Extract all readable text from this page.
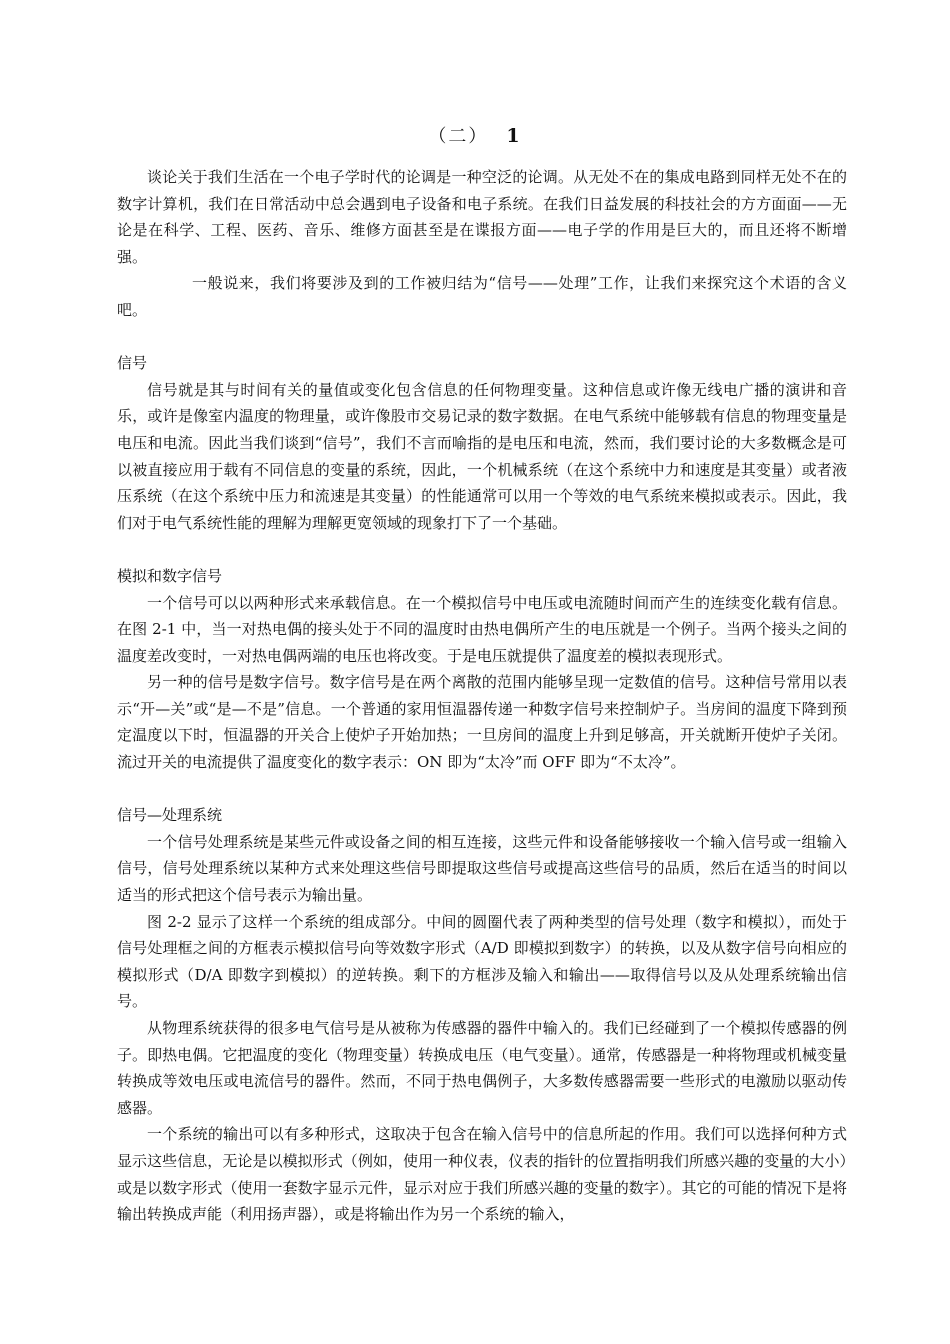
（二） 1

谈论关于我们生活在一个电子学时代的论调是一种空泛的论调。从无处不在的集成电路到同样无处不在的数字计算机，我们在日常活动中总会遇到电子设备和电子系统。在我们日益发展的科技社会的方方面面——无论是在科学、工程、医药、音乐、维修方面甚至是在谍报方面——电子学的作用是巨大的，而且还将不断增强。

一般说来，我们将要涉及到的工作被归结为“信号——处理”工作，让我们来探究这个术语的含义吧。

信号

信号就是其与时间有关的量值或变化包含信息的任何物理变量。这种信息或许像无线电广播的演讲和音乐，或许是像室内温度的物理量，或许像股市交易记录的数字数据。在电气系统中能够载有信息的物理变量是电压和电流。因此当我们谈到“信号”，我们不言而喻指的是电压和电流，然而，我们要讨论的大多数概念是可以被直接应用于载有不同信息的变量的系统，因此，一个机械系统（在这个系统中力和速度是其变量）或者液压系统（在这个系统中压力和流速是其变量）的性能通常可以用一个等效的电气系统来模拟或表示。因此，我们对于电气系统性能的理解为理解更宽领域的现象打下了一个基础。

模拟和数字信号

一个信号可以以两种形式来承载信息。在一个模拟信号中电压或电流随时间而产生的连续变化载有信息。在图 2-1 中，当一对热电偶的接头处于不同的温度时由热电偶所产生的电压就是一个例子。当两个接头之间的温度差改变时，一对热电偶两端的电压也将改变。于是电压就提供了温度差的模拟表现形式。

另一种的信号是数字信号。数字信号是在两个离散的范围内能够呈现一定数值的信号。这种信号常用以表示“开—关”或“是—不是”信息。一个普通的家用恒温器传递一种数字信号来控制炉子。当房间的温度下降到预定温度以下时，恒温器的开关合上使炉子开始加热；一旦房间的温度上升到足够高，开关就断开使炉子关闭。流过开关的电流提供了温度变化的数字表示：ON 即为“太冷”而 OFF 即为“不太冷”。

信号—处理系统

一个信号处理系统是某些元件或设备之间的相互连接，这些元件和设备能够接收一个输入信号或一组输入信号，信号处理系统以某种方式来处理这些信号即提取这些信号或提高这些信号的品质，然后在适当的时间以适当的形式把这个信号表示为输出量。

图 2-2 显示了这样一个系统的组成部分。中间的圆圈代表了两种类型的信号处理（数字和模拟），而处于信号处理框之间的方框表示模拟信号向等效数字形式（A/D 即模拟到数字）的转换，以及从数字信号向相应的模拟形式（D/A 即数字到模拟）的逆转换。剩下的方框涉及输入和输出——取得信号以及从处理系统输出信号。

从物理系统获得的很多电气信号是从被称为传感器的器件中输入的。我们已经碰到了一个模拟传感器的例子。即热电偶。它把温度的变化（物理变量）转换成电压（电气变量）。通常，传感器是一种将物理或机械变量转换成等效电压或电流信号的器件。然而，不同于热电偶例子，大多数传感器需要一些形式的电激励以驱动传感器。

一个系统的输出可以有多种形式，这取决于包含在输入信号中的信息所起的作用。我们可以选择何种方式显示这些信息，无论是以模拟形式（例如，使用一种仪表，仪表的指针的位置指明我们所感兴趣的变量的大小）或是以数字形式（使用一套数字显示元件，显示对应于我们所感兴趣的变量的数字）。其它的可能的情况下是将输出转换成声能（利用扬声器），或是将输出作为另一个系统的输入，
